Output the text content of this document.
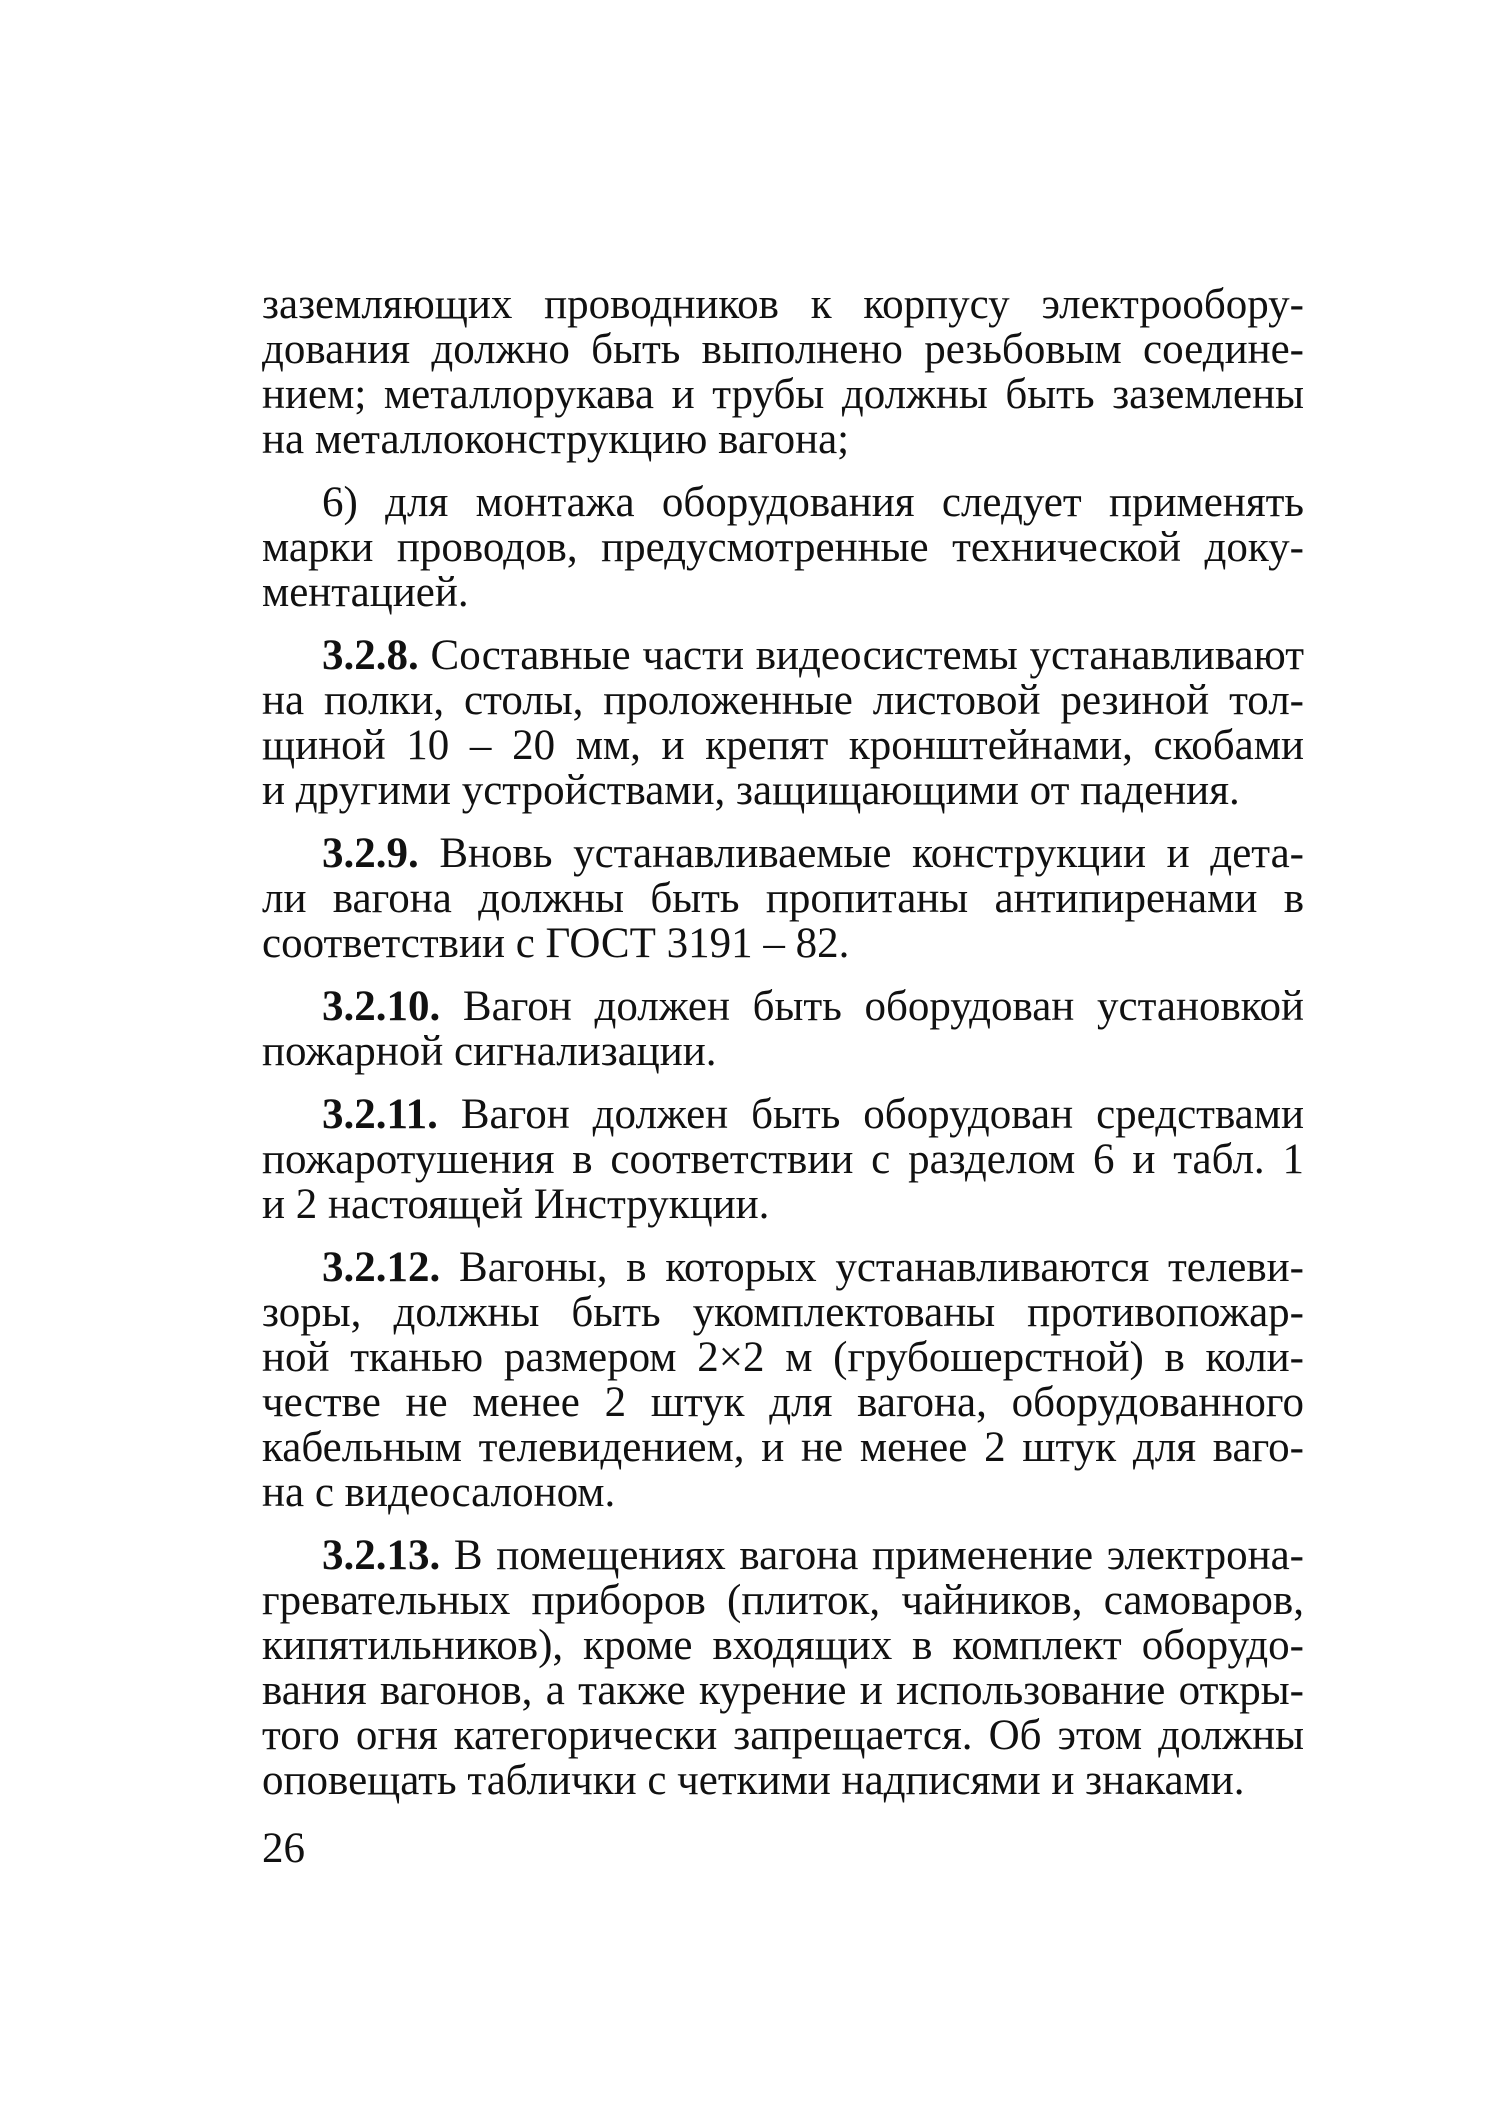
заземляющих проводников к корпусу электрообору-
дования должно быть выполнено резьбовым соедине-
нием; металлорукава и трубы должны быть заземлены
на металлоконструкцию вагона;
6) для монтажа оборудования следует применять
марки проводов, предусмотренные технической доку-
ментацией.
3.2.8. Составные части видеосистемы устанавливают
на полки, столы, проложенные листовой резиной тол-
щиной 10 – 20 мм, и крепят кронштейнами, скобами
и другими устройствами, защищающими от падения.
3.2.9. Вновь устанавливаемые конструкции и дета-
ли вагона должны быть пропитаны антипиренами в
соответствии с ГОСТ 3191 – 82.
3.2.10. Вагон должен быть оборудован установкой
пожарной сигнализации.
3.2.11. Вагон должен быть оборудован средствами
пожаротушения в соответствии с разделом 6 и табл. 1
и 2 настоящей Инструкции.
3.2.12. Вагоны, в которых устанавливаются телеви-
зоры, должны быть укомплектованы противопожар-
ной тканью размером 2×2 м (грубошерстной) в коли-
честве не менее 2 штук для вагона, оборудованного
кабельным телевидением, и не менее 2 штук для ваго-
на с видеосалоном.
3.2.13. В помещениях вагона применение электрона-
гревательных приборов (плиток, чайников, самоваров,
кипятильников), кроме входящих в комплект оборудо-
вания вагонов, а также курение и использование откры-
того огня категорически запрещается. Об этом должны
оповещать таблички с четкими надписями и знаками.
26
